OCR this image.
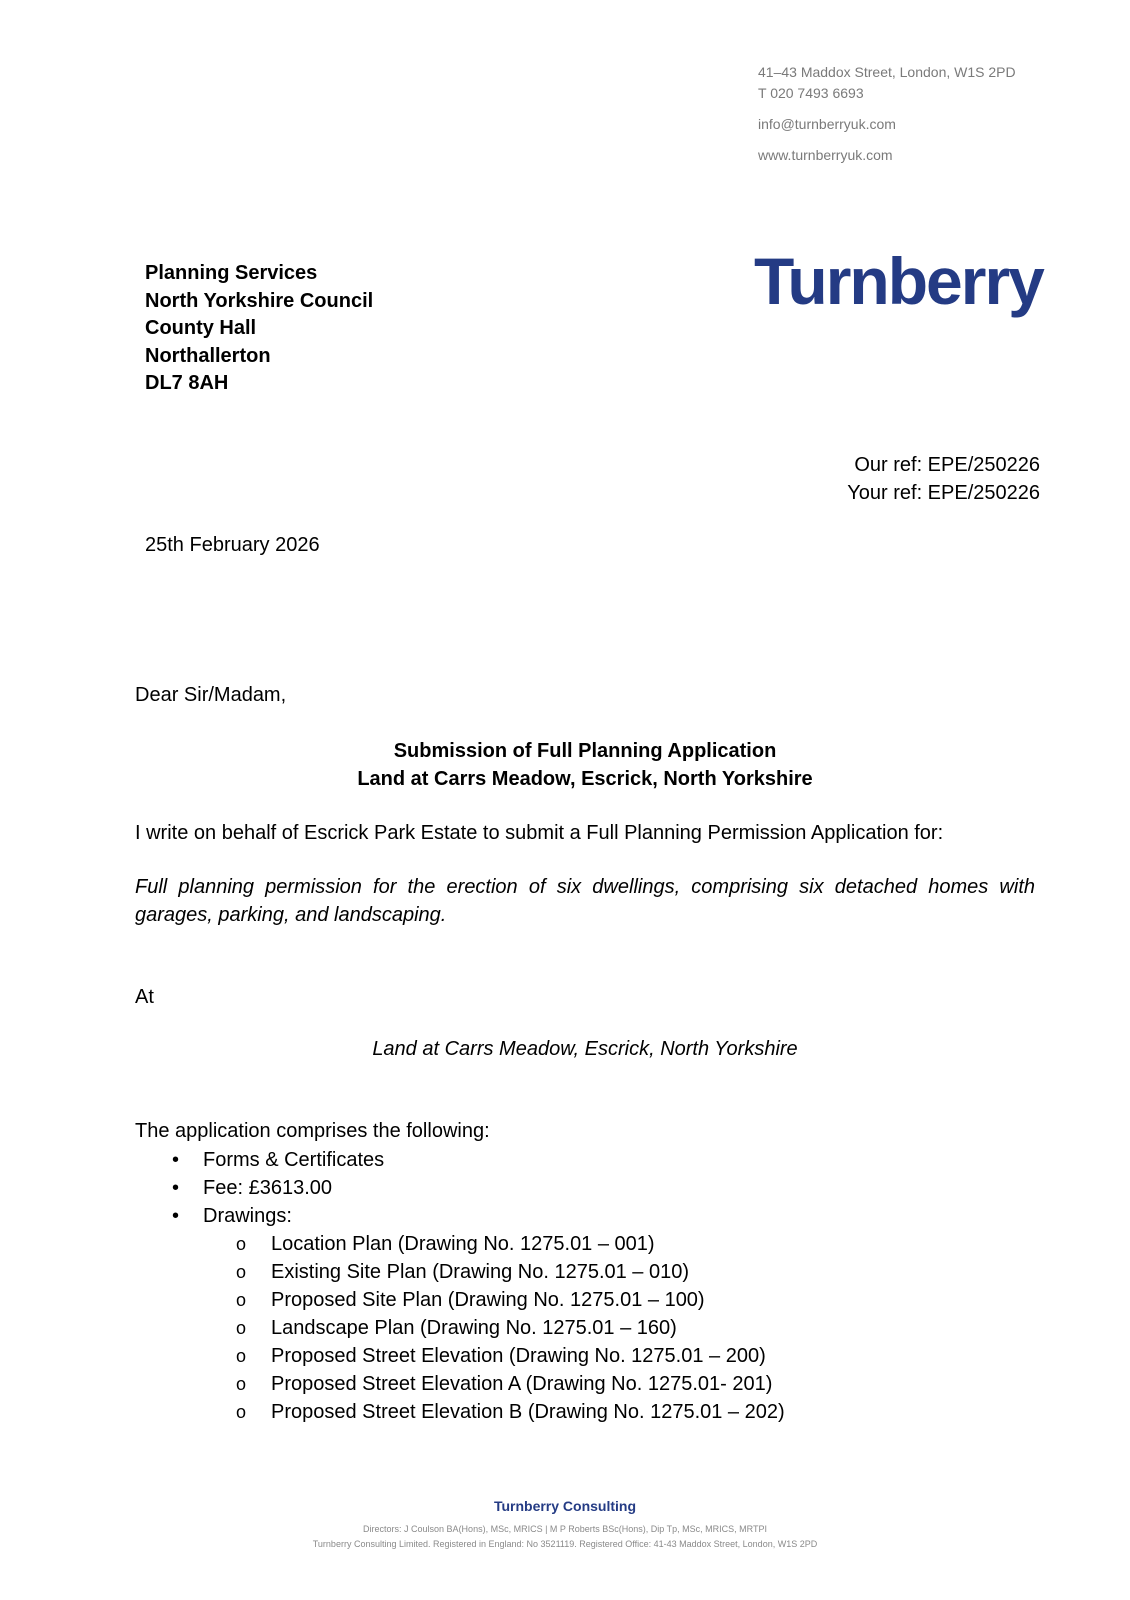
41–43 Maddox Street, London, W1S 2PD
T 020 7493 6693
info@turnberryuk.com
www.turnberryuk.com
Turnberry
Planning Services
North Yorkshire Council
County Hall
Northallerton
DL7 8AH
Our ref: EPE/250226
Your ref: EPE/250226
25th February 2026
Dear Sir/Madam,
Submission of Full Planning Application
Land at Carrs Meadow, Escrick, North Yorkshire
I write on behalf of Escrick Park Estate to submit a Full Planning Permission Application for:
Full planning permission for the erection of six dwellings, comprising six detached homes with garages, parking, and landscaping.
At
Land at Carrs Meadow, Escrick, North Yorkshire
The application comprises the following:
• Forms & Certificates
• Fee: £3613.00
• Drawings:
o Location Plan (Drawing No. 1275.01 – 001)
o Existing Site Plan (Drawing No. 1275.01 – 010)
o Proposed Site Plan (Drawing No. 1275.01 – 100)
o Landscape Plan (Drawing No. 1275.01 – 160)
o Proposed Street Elevation (Drawing No. 1275.01 – 200)
o Proposed Street Elevation A (Drawing No. 1275.01- 201)
o Proposed Street Elevation B (Drawing No. 1275.01 – 202)
Turnberry Consulting
Directors: J Coulson BA(Hons), MSc, MRICS | M P Roberts BSc(Hons), Dip Tp, MSc, MRICS, MRTPI
Turnberry Consulting Limited. Registered in England: No 3521119. Registered Office: 41-43 Maddox Street, London, W1S 2PD
